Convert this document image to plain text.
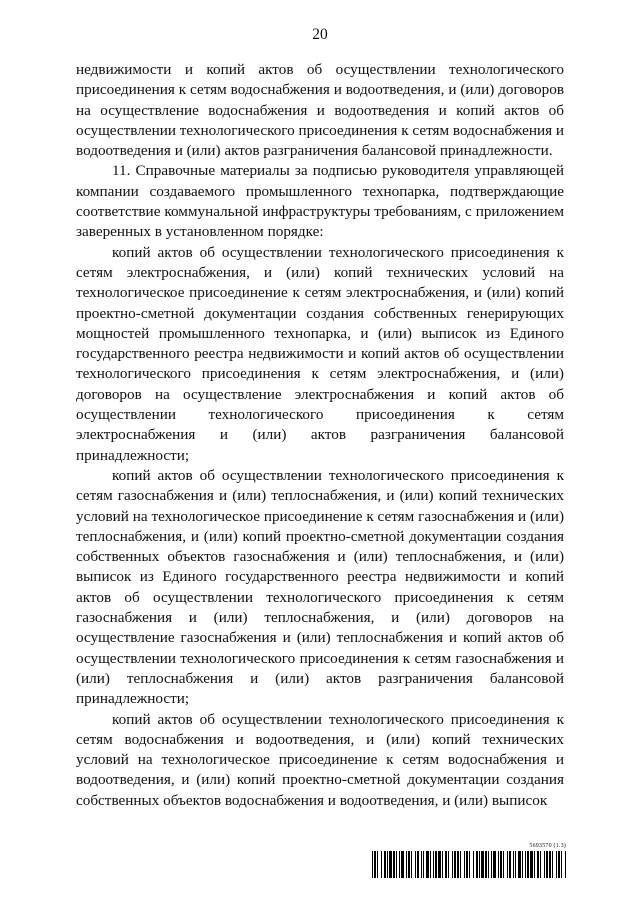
20

недвижимости и копий актов об осуществлении технологического присоединения к сетям водоснабжения и водоотведения, и (или) договоров на осуществление водоснабжения и водоотведения и копий актов об осуществлении технологического присоединения к сетям водоснабжения и водоотведения и (или) актов разграничения балансовой принадлежности.

11. Справочные материалы за подписью руководителя управляющей компании создаваемого промышленного технопарка, подтверждающие соответствие коммунальной инфраструктуры требованиям, с приложением заверенных в установленном порядке:

копий актов об осуществлении технологического присоединения к сетям электроснабжения, и (или) копий технических условий на технологическое присоединение к сетям электроснабжения, и (или) копий проектно-сметной документации создания собственных генерирующих мощностей промышленного технопарка, и (или) выписок из Единого государственного реестра недвижимости и копий актов об осуществлении технологического присоединения к сетям электроснабжения, и (или) договоров на осуществление электроснабжения и копий актов об осуществлении технологического присоединения к сетям электроснабжения и (или) актов разграничения балансовой принадлежности;

копий актов об осуществлении технологического присоединения к сетям газоснабжения и (или) теплоснабжения, и (или) копий технических условий на технологическое присоединение к сетям газоснабжения и (или) теплоснабжения, и (или) копий проектно-сметной документации создания собственных объектов газоснабжения и (или) теплоснабжения, и (или) выписок из Единого государственного реестра недвижимости и копий актов об осуществлении технологического присоединения к сетям газоснабжения и (или) теплоснабжения, и (или) договоров на осуществление газоснабжения и (или) теплоснабжения и копий актов об осуществлении технологического присоединения к сетям газоснабжения и (или) теплоснабжения и (или) актов разграничения балансовой принадлежности;

копий актов об осуществлении технологического присоединения к сетям водоснабжения и водоотведения, и (или) копий технических условий на технологическое присоединение к сетям водоснабжения и водоотведения, и (или) копий проектно-сметной документации создания собственных объектов водоснабжения и водоотведения, и (или) выписок

5693570 (1.3)
